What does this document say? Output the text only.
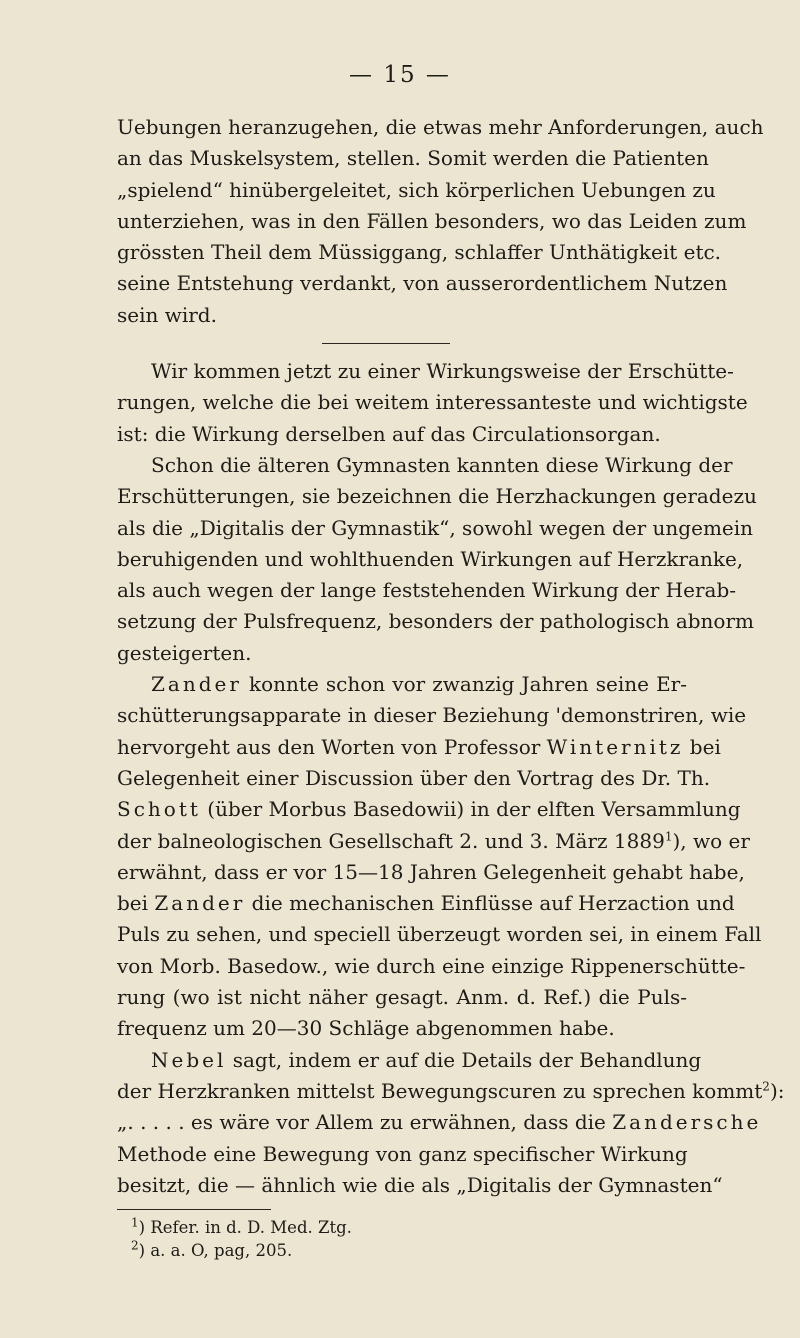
— 15 —
Uebungen heranzugehen, die etwas mehr Anforderungen, auch
an das Muskelsystem, stellen. Somit werden die Patienten
„spielend“ hinübergeleitet, sich körperlichen Uebungen zu
unterziehen, was in den Fällen besonders, wo das Leiden zum
grössten Theil dem Müssiggang, schlaffer Unthätigkeit etc.
seine Entstehung verdankt, von ausserordentlichem Nutzen
sein wird.
Wir kommen jetzt zu einer Wirkungsweise der Erschütte-
rungen, welche die bei weitem interessanteste und wichtigste
ist: die Wirkung derselben auf das Circulationsorgan.
Schon die älteren Gymnasten kannten diese Wirkung der
Erschütterungen, sie bezeichnen die Herzhackungen geradezu
als die „Digitalis der Gymnastik“, sowohl wegen der ungemein
beruhigenden und wohlthuenden Wirkungen auf Herzkranke,
als auch wegen der lange feststehenden Wirkung der Herab-
setzung der Pulsfrequenz, besonders der pathologisch abnorm
gesteigerten.
Zander konnte schon vor zwanzig Jahren seine Er-
schütterungsapparate in dieser Beziehung 'demonstriren, wie
hervorgeht aus den Worten von Professor Winternitz bei
Gelegenheit einer Discussion über den Vortrag des Dr. Th.
Schott (über Morbus Basedowii) in der elften Versammlung
der balneologischen Gesellschaft 2. und 3. März 1889$^1$), wo er
erwähnt, dass er vor 15—18 Jahren Gelegenheit gehabt habe,
bei Zander die mechanischen Einflüsse auf Herzaction und
Puls zu sehen, und speciell überzeugt worden sei, in einem Fall
von Morb. Basedow., wie durch eine einzige Rippenerschütte-
rung (wo ist nicht näher gesagt. Anm. d. Ref.) die Puls-
frequenz um 20—30 Schläge abgenommen habe.
Nebel sagt, indem er auf die Details der Behandlung
der Herzkranken mittelst Bewegungscuren zu sprechen kommt$^2$):
„. . . . . es wäre vor Allem zu erwähnen, dass die Zandersche
Methode eine Bewegung von ganz specifischer Wirkung
besitzt, die — ähnlich wie die als „Digitalis der Gymnasten“
$^1$) Refer. in d. D. Med. Ztg.
$^2$) a. a. O, pag, 205.
